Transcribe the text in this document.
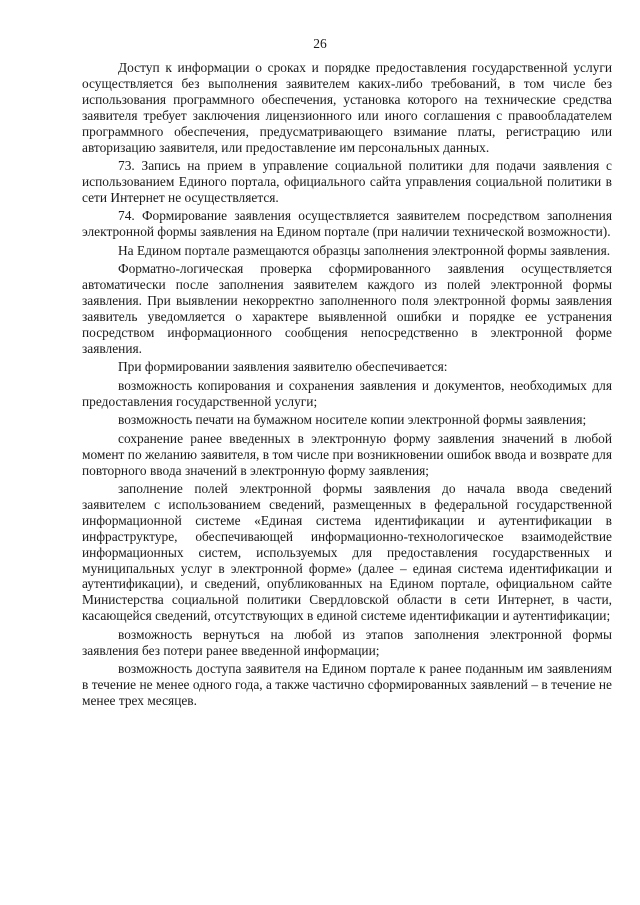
26

Доступ к информации о сроках и порядке предоставления государственной услуги осуществляется без выполнения заявителем каких-либо требований, в том числе без использования программного обеспечения, установка которого на технические средства заявителя требует заключения лицензионного или иного соглашения с правообладателем программного обеспечения, предусматривающего взимание платы, регистрацию или авторизацию заявителя, или предоставление им персональных данных.

73. Запись на прием в управление социальной политики для подачи заявления с использованием Единого портала, официального сайта управления социальной политики в сети Интернет не осуществляется.

74. Формирование заявления осуществляется заявителем посредством заполнения электронной формы заявления на Едином портале (при наличии технической возможности).

На Едином портале размещаются образцы заполнения электронной формы заявления.

Форматно-логическая проверка сформированного заявления осуществляется автоматически после заполнения заявителем каждого из полей электронной формы заявления. При выявлении некорректно заполненного поля электронной формы заявления заявитель уведомляется о характере выявленной ошибки и порядке ее устранения посредством информационного сообщения непосредственно в электронной форме заявления.

При формировании заявления заявителю обеспечивается:

возможность копирования и сохранения заявления и документов, необходимых для предоставления государственной услуги;

возможность печати на бумажном носителе копии электронной формы заявления;

сохранение ранее введенных в электронную форму заявления значений в любой момент по желанию заявителя, в том числе при возникновении ошибок ввода и возврате для повторного ввода значений в электронную форму заявления;

заполнение полей электронной формы заявления до начала ввода сведений заявителем с использованием сведений, размещенных в федеральной государственной информационной системе «Единая система идентификации и аутентификации в инфраструктуре, обеспечивающей информационно-технологическое взаимодействие информационных систем, используемых для предоставления государственных и муниципальных услуг в электронной форме» (далее – единая система идентификации и аутентификации), и сведений, опубликованных на Едином портале, официальном сайте Министерства социальной политики Свердловской области в сети Интернет, в части, касающейся сведений, отсутствующих в единой системе идентификации и аутентификации;

возможность вернуться на любой из этапов заполнения электронной формы заявления без потери ранее введенной информации;

возможность доступа заявителя на Едином портале к ранее поданным им заявлениям в течение не менее одного года, а также частично сформированных заявлений – в течение не менее трех месяцев.
